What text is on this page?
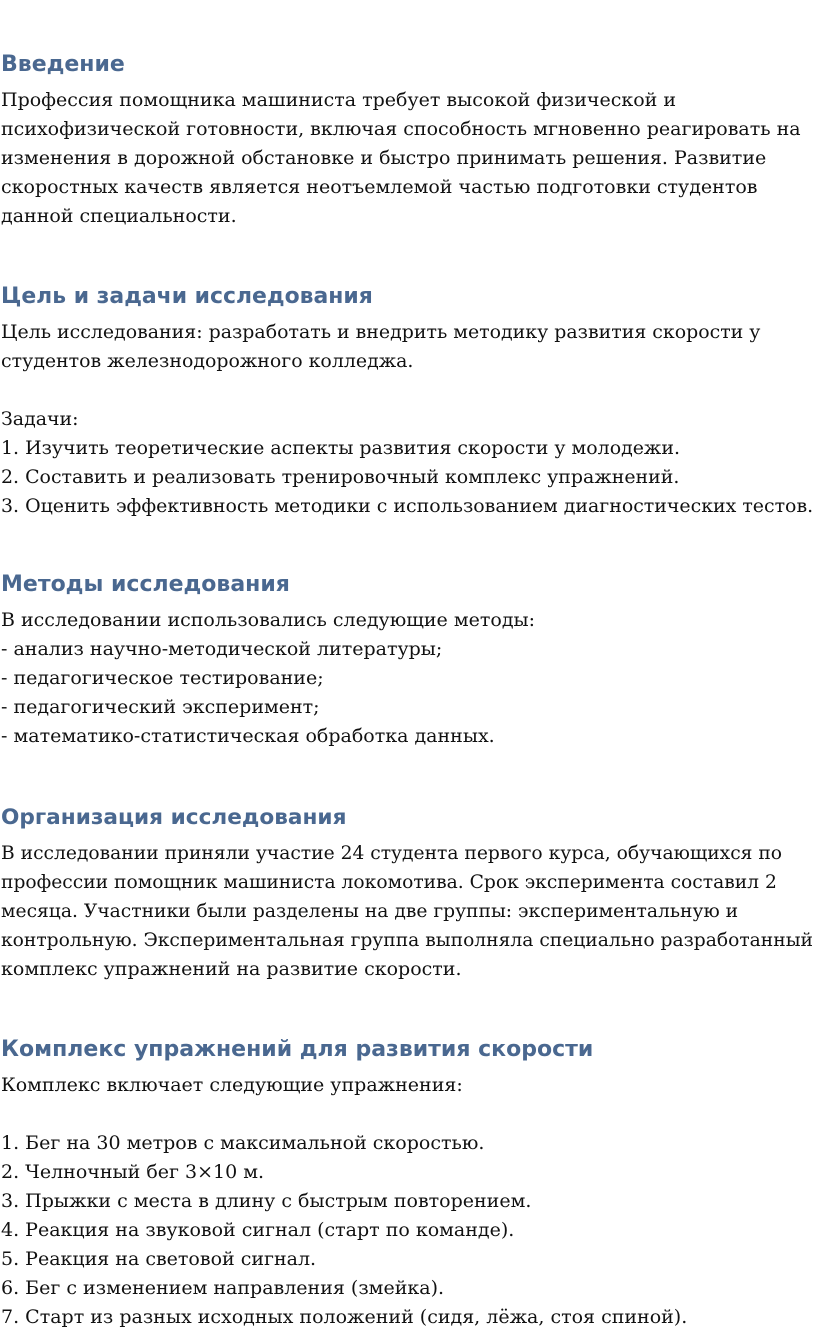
Введение

Профессия помощника машиниста требует высокой физической и

психофизической готовности, включая способность мгновенно реагировать на

изменения в дорожной обстановке и быстро принимать решения. Развитие

скоростных качеств является неотъемлемой частью подготовки студентов

данной специальности.

Цель и задачи исследования

Цель исследования: разработать и внедрить методику развития скорости у

студентов железнодорожного колледжа.

Задачи:

1. Изучить теоретические аспекты развития скорости у молодежи.

2. Составить и реализовать тренировочный комплекс упражнений.

3. Оценить эффективность методики с использованием диагностических тестов.

Методы исследования

В исследовании использовались следующие методы:

- анализ научно-методической литературы;

- педагогическое тестирование;

- педагогический эксперимент;

- математико-статистическая обработка данных.

Организация исследования

В исследовании приняли участие 24 студента первого курса, обучающихся по

профессии помощник машиниста локомотива. Срок эксперимента составил 2

месяца. Участники были разделены на две группы: экспериментальную и

контрольную. Экспериментальная группа выполняла специально разработанный

комплекс упражнений на развитие скорости.

Комплекс упражнений для развития скорости

Комплекс включает следующие упражнения:

1. Бег на 30 метров с максимальной скоростью.

2. Челночный бег 3×10 м.

3. Прыжки с места в длину с быстрым повторением.

4. Реакция на звуковой сигнал (старт по команде).

5. Реакция на световой сигнал.

6. Бег с изменением направления (змейка).

7. Старт из разных исходных положений (сидя, лёжа, стоя спиной).
